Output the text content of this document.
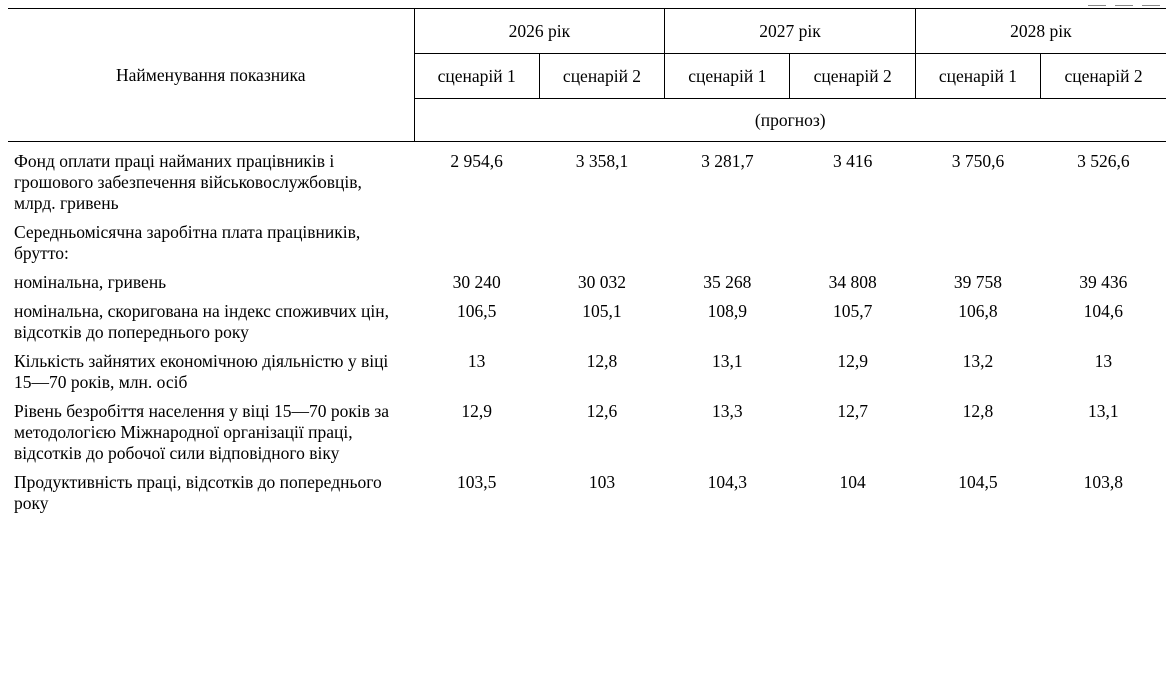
Найменування показника	2026 рік		2027 рік		2028 рік	
	сценарій 1	сценарій 2	сценарій 1	сценарій 2	сценарій 1	сценарій 2
	(прогноз)					
Фонд оплати праці найманих працівників і грошового забезпечення військовослужбовців, млрд. гривень	2 954,6	3 358,1	3 281,7	3 416	3 750,6	3 526,6
Середньомісячна заробітна плата працівників, брутто:						
номінальна, гривень	30 240	30 032	35 268	34 808	39 758	39 436
номінальна, скоригована на індекс споживчих цін, відсотків до попереднього року	106,5	105,1	108,9	105,7	106,8	104,6
Кількість зайнятих економічною діяльністю у віці 15—70 років, млн. осіб	13	12,8	13,1	12,9	13,2	13
Рівень безробіття населення у віці 15—70 років за методологією Міжнародної організації праці, відсотків до робочої сили відповідного віку	12,9	12,6	13,3	12,7	12,8	13,1
Продуктивність праці, відсотків до попереднього року	103,5	103	104,3	104	104,5	103,8
